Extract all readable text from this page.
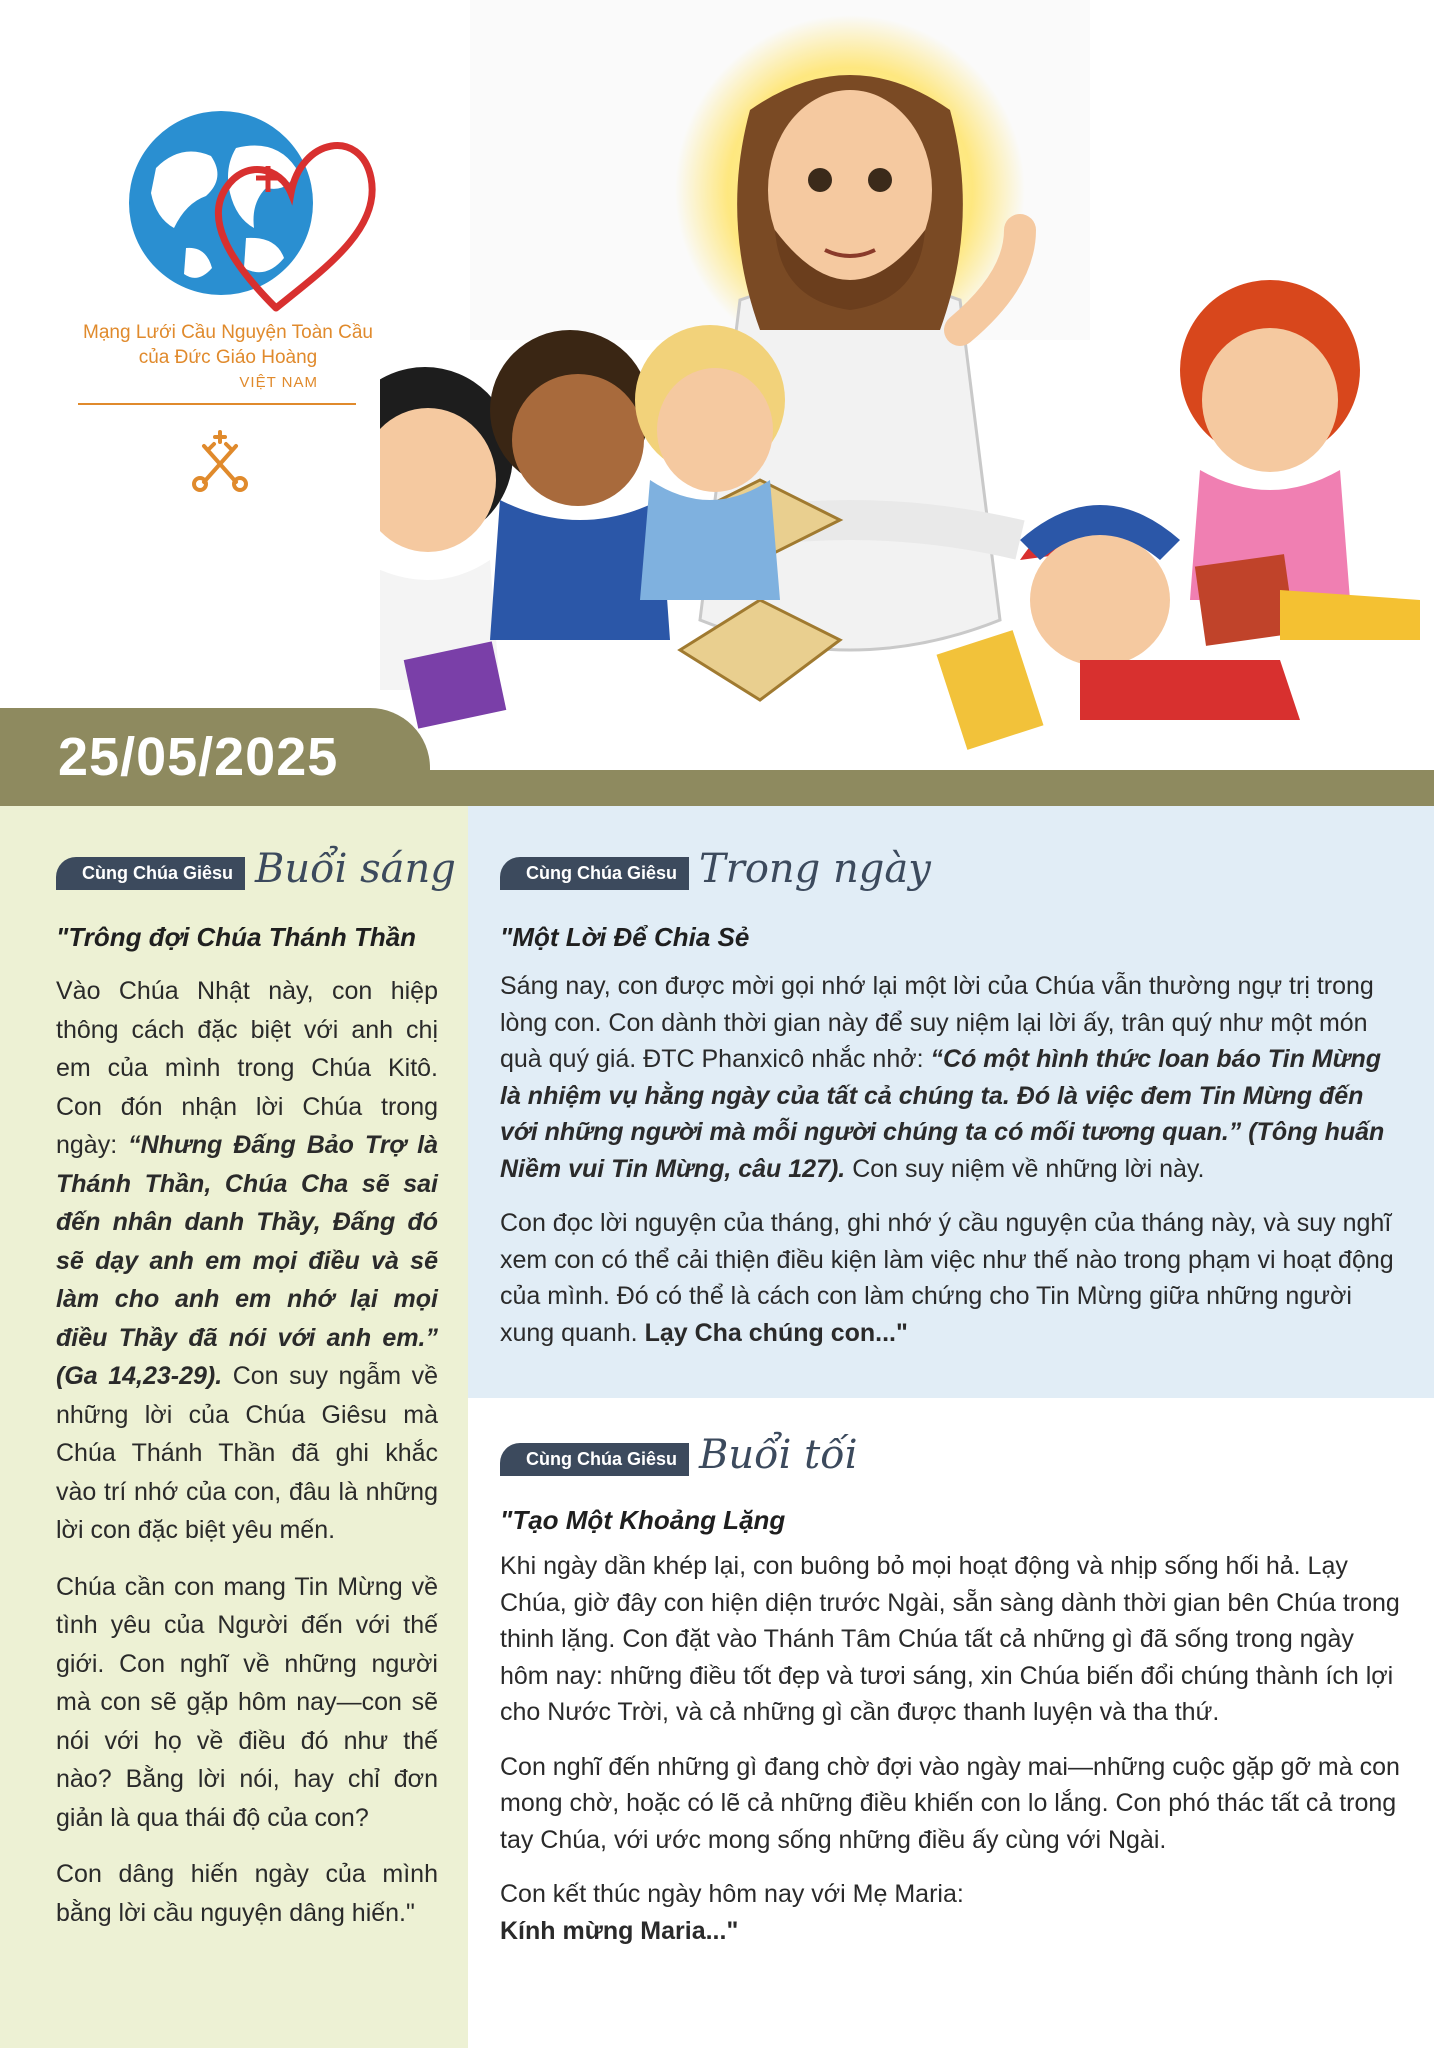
Mạng Lưới Cầu Nguyện Toàn Cầu
của Đức Giáo Hoàng
VIỆT NAM
25/05/2025
Cùng Chúa Giêsu Buổi sáng
"Trông đợi Chúa Thánh Thần

Vào Chúa Nhật này, con hiệp thông cách đặc biệt với anh chị em của mình trong Chúa Kitô. Con đón nhận lời Chúa trong ngày: “Nhưng Đấng Bảo Trợ là Thánh Thần, Chúa Cha sẽ sai đến nhân danh Thầy, Đấng đó sẽ dạy anh em mọi điều và sẽ làm cho anh em nhớ lại mọi điều Thầy đã nói với anh em.” (Ga 14,23-29). Con suy ngẫm về những lời của Chúa Giêsu mà Chúa Thánh Thần đã ghi khắc vào trí nhớ của con, đâu là những lời con đặc biệt yêu mến.

Chúa cần con mang Tin Mừng về tình yêu của Người đến với thế giới. Con nghĩ về những người mà con sẽ gặp hôm nay—con sẽ nói với họ về điều đó như thế nào? Bằng lời nói, hay chỉ đơn giản là qua thái độ của con?

Con dâng hiến ngày của mình bằng lời cầu nguyện dâng hiến."

Cùng Chúa Giêsu Trong ngày
"Một Lời Để Chia Sẻ

Sáng nay, con được mời gọi nhớ lại một lời của Chúa vẫn thường ngự trị trong lòng con. Con dành thời gian này để suy niệm lại lời ấy, trân quý như một món quà quý giá. ĐTC Phanxicô nhắc nhở: “Có một hình thức loan báo Tin Mừng là nhiệm vụ hằng ngày của tất cả chúng ta. Đó là việc đem Tin Mừng đến với những người mà mỗi người chúng ta có mối tương quan.” (Tông huấn Niềm vui Tin Mừng, câu 127). Con suy niệm về những lời này.

Con đọc lời nguyện của tháng, ghi nhớ ý cầu nguyện của tháng này, và suy nghĩ xem con có thể cải thiện điều kiện làm việc như thế nào trong phạm vi hoạt động của mình. Đó có thể là cách con làm chứng cho Tin Mừng giữa những người xung quanh. Lạy Cha chúng con..."

Cùng Chúa Giêsu Buổi tối
"Tạo Một Khoảng Lặng

Khi ngày dần khép lại, con buông bỏ mọi hoạt động và nhịp sống hối hả. Lạy Chúa, giờ đây con hiện diện trước Ngài, sẵn sàng dành thời gian bên Chúa trong thinh lặng. Con đặt vào Thánh Tâm Chúa tất cả những gì đã sống trong ngày hôm nay: những điều tốt đẹp và tươi sáng, xin Chúa biến đổi chúng thành ích lợi cho Nước Trời, và cả những gì cần được thanh luyện và tha thứ.

Con nghĩ đến những gì đang chờ đợi vào ngày mai—những cuộc gặp gỡ mà con mong chờ, hoặc có lẽ cả những điều khiến con lo lắng. Con phó thác tất cả trong tay Chúa, với ước mong sống những điều ấy cùng với Ngài.

Con kết thúc ngày hôm nay với Mẹ Maria:
Kính mừng Maria..."
